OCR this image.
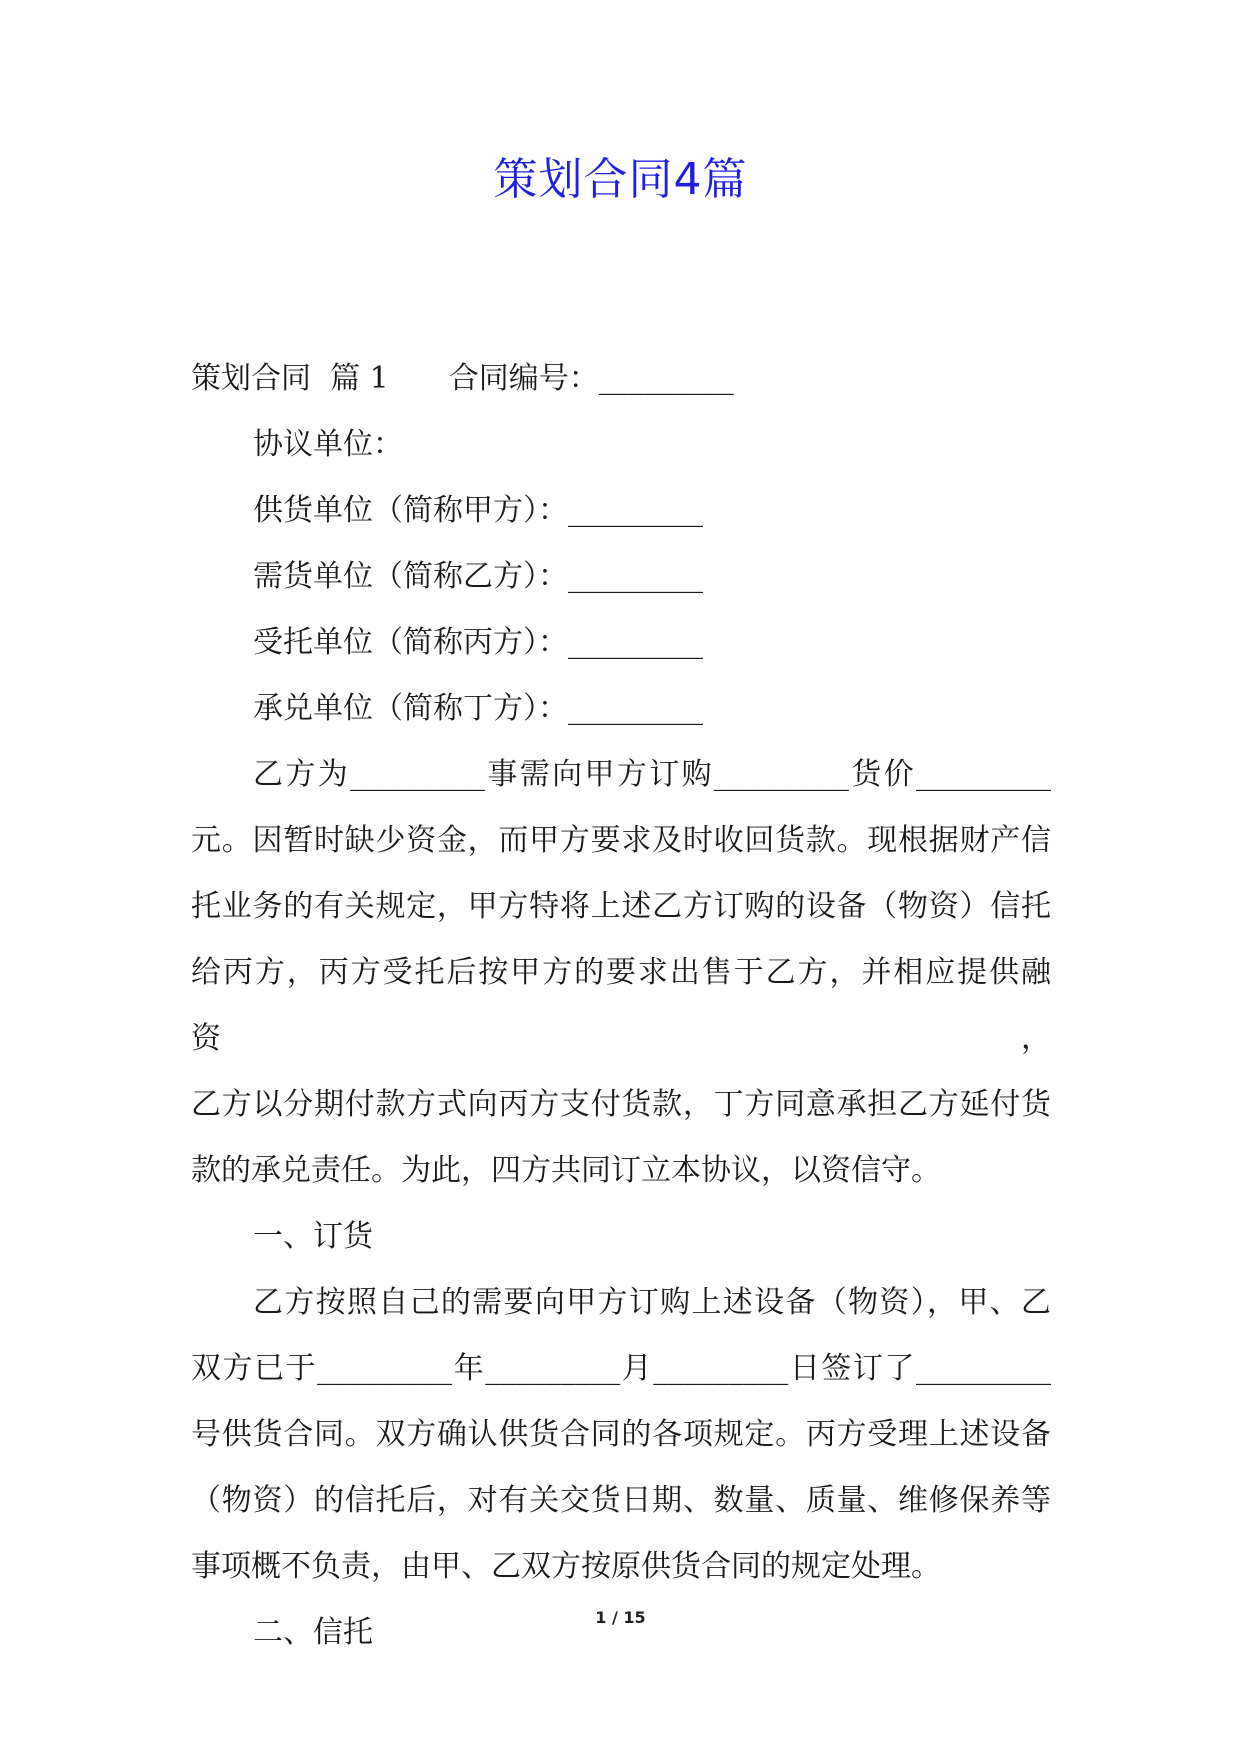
策划合同4篇
策划合同  篇 1 合同编号：_________
协议单位：
供货单位（简称甲方）：_________
需货单位（简称乙方）：_________
受托单位（简称丙方）：_________
承兑单位（简称丁方）：_________
乙方为_________事需向甲方订购_________货价_________
元。因暂时缺少资金，而甲方要求及时收回货款。现根据财产信
托业务的有关规定，甲方特将上述乙方订购的设备（物资）信托
给丙方，丙方受托后按甲方的要求出售于乙方，并相应提供融资，
乙方以分期付款方式向丙方支付货款，丁方同意承担乙方延付货
款的承兑责任。为此，四方共同订立本协议，以资信守。
一、订货
乙方按照自己的需要向甲方订购上述设备（物资），甲、乙
双方已于_________年_________月_________日签订了_________
号供货合同。双方确认供货合同的各项规定。丙方受理上述设备
（物资）的信托后，对有关交货日期、数量、质量、维修保养等
事项概不负责，由甲、乙双方按原供货合同的规定处理。
二、信托	1 / 15
